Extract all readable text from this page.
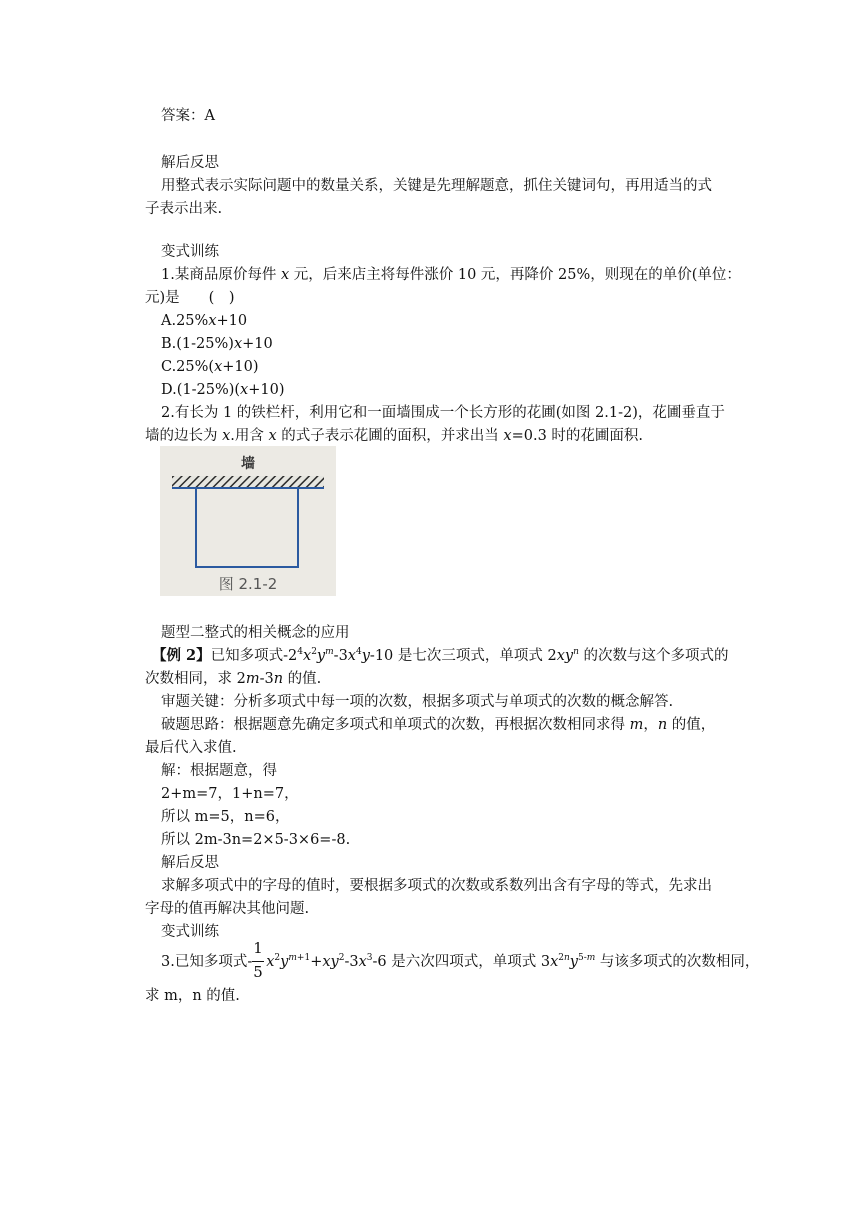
答案：A
解后反思
用整式表示实际问题中的数量关系，关键是先理解题意，抓住关键词句，再用适当的式
子表示出来.
变式训练
1.某商品原价每件 x 元，后来店主将每件涨价 10 元，再降价 25%，则现在的单价(单位：
元)是　　(　)
A.25%x+10
B.(1-25%)x+10
C.25%(x+10)
D.(1-25%)(x+10)
2.有长为 1 的铁栏杆，利用它和一面墙围成一个长方形的花圃(如图 2.1-2)，花圃垂直于
墙的边长为 x.用含 x 的式子表示花圃的面积，并求出当 x=0.3 时的花圃面积.
墙
图 2.1-2
题型二整式的相关概念的应用
【例 2】已知多项式$-2^4x^2y^m-3x^4y-10$ 是七次三项式，单项式 $2xy^n$ 的次数与这个多项式的
次数相同，求 2m-3n 的值.
审题关键：分析多项式中每一项的次数，根据多项式与单项式的次数的概念解答.
破题思路：根据题意先确定多项式和单项式的次数，再根据次数相同求得 m，n 的值，
最后代入求值.
解：根据题意，得
2+m=7，1+n=7，
所以 m=5，n=6，
所以 2m-3n=2×5-3×6=-8.
解后反思
求解多项式中的字母的值时，要根据多项式的次数或系数列出含有字母的等式，先求出
字母的值再解决其他问题.
变式训练
3.已知多项式- $x^2y^{m+1}+xy^2-3x^3-6$ 是六次四项式，单项式 $3x^{2n}y^{5-m}$ 与该多项式的次数相同，
1
5
求 m，n 的值.
